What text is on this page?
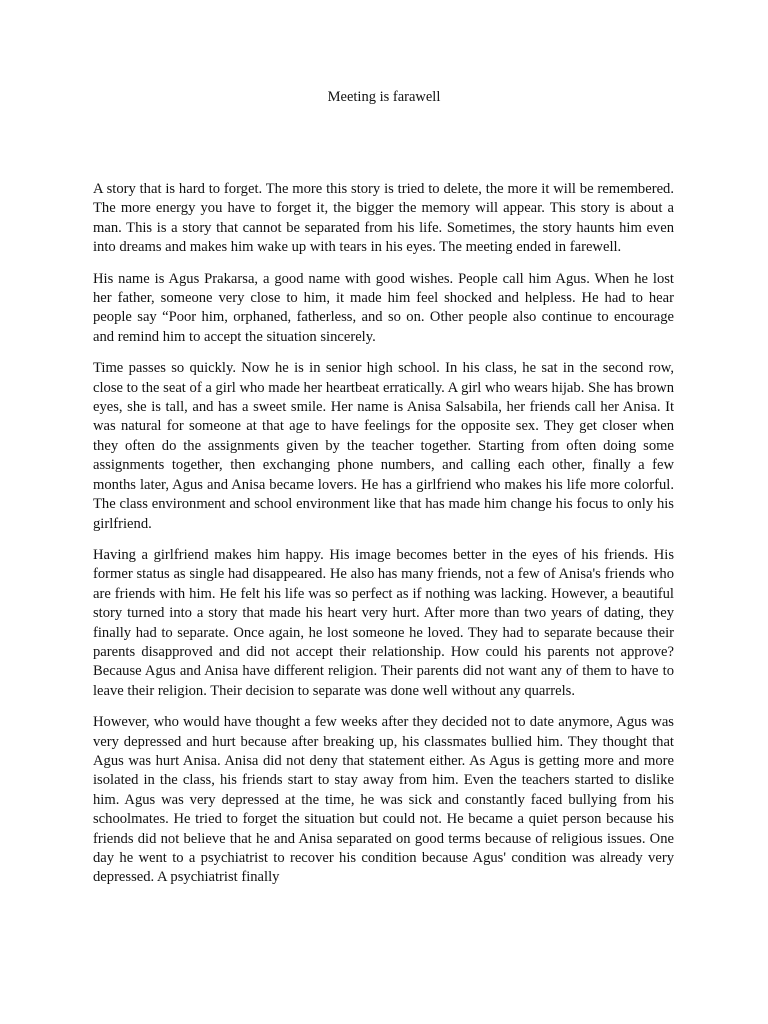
Meeting is farawell

A story that is hard to forget. The more this story is tried to delete, the more it will be remembered. The more energy you have to forget it, the bigger the memory will appear. This story is about a man. This is a story that cannot be separated from his life. Sometimes, the story haunts him even into dreams and makes him wake up with tears in his eyes. The meeting ended in farewell.

His name is Agus Prakarsa, a good name with good wishes. People call him Agus. When he lost her father, someone very close to him, it made him feel shocked and helpless. He had to hear people say “Poor him, orphaned, fatherless, and so on. Other people also continue to encourage and remind him to accept the situation sincerely.

Time passes so quickly. Now he is in senior high school. In his class, he sat in the second row, close to the seat of a girl who made her heartbeat erratically. A girl who wears hijab. She has brown eyes, she is tall, and has a sweet smile. Her name is Anisa Salsabila, her friends call her Anisa. It was natural for someone at that age to have feelings for the opposite sex. They get closer when they often do the assignments given by the teacher together. Starting from often doing some assignments together, then exchanging phone numbers, and calling each other, finally a few months later, Agus and Anisa became lovers. He has a girlfriend who makes his life more colorful. The class environment and school environment like that has made him change his focus to only his girlfriend.

Having a girlfriend makes him happy. His image becomes better in the eyes of his friends. His former status as single had disappeared. He also has many friends, not a few of Anisa's friends who are friends with him. He felt his life was so perfect as if nothing was lacking. However, a beautiful story turned into a story that made his heart very hurt. After more than two years of dating, they finally had to separate. Once again, he lost someone he loved. They had to separate because their parents disapproved and did not accept their relationship. How could his parents not approve? Because Agus and Anisa have different religion. Their parents did not want any of them to have to leave their religion. Their decision to separate was done well without any quarrels.

However, who would have thought a few weeks after they decided not to date anymore, Agus was very depressed and hurt because after breaking up, his classmates bullied him. They thought that Agus was hurt Anisa. Anisa did not deny that statement either. As Agus is getting more and more isolated in the class, his friends start to stay away from him. Even the teachers started to dislike him. Agus was very depressed at the time, he was sick and constantly faced bullying from his schoolmates. He tried to forget the situation but could not. He became a quiet person because his friends did not believe that he and Anisa separated on good terms because of religious issues. One day he went to a psychiatrist to recover his condition because Agus' condition was already very depressed. A psychiatrist finally
